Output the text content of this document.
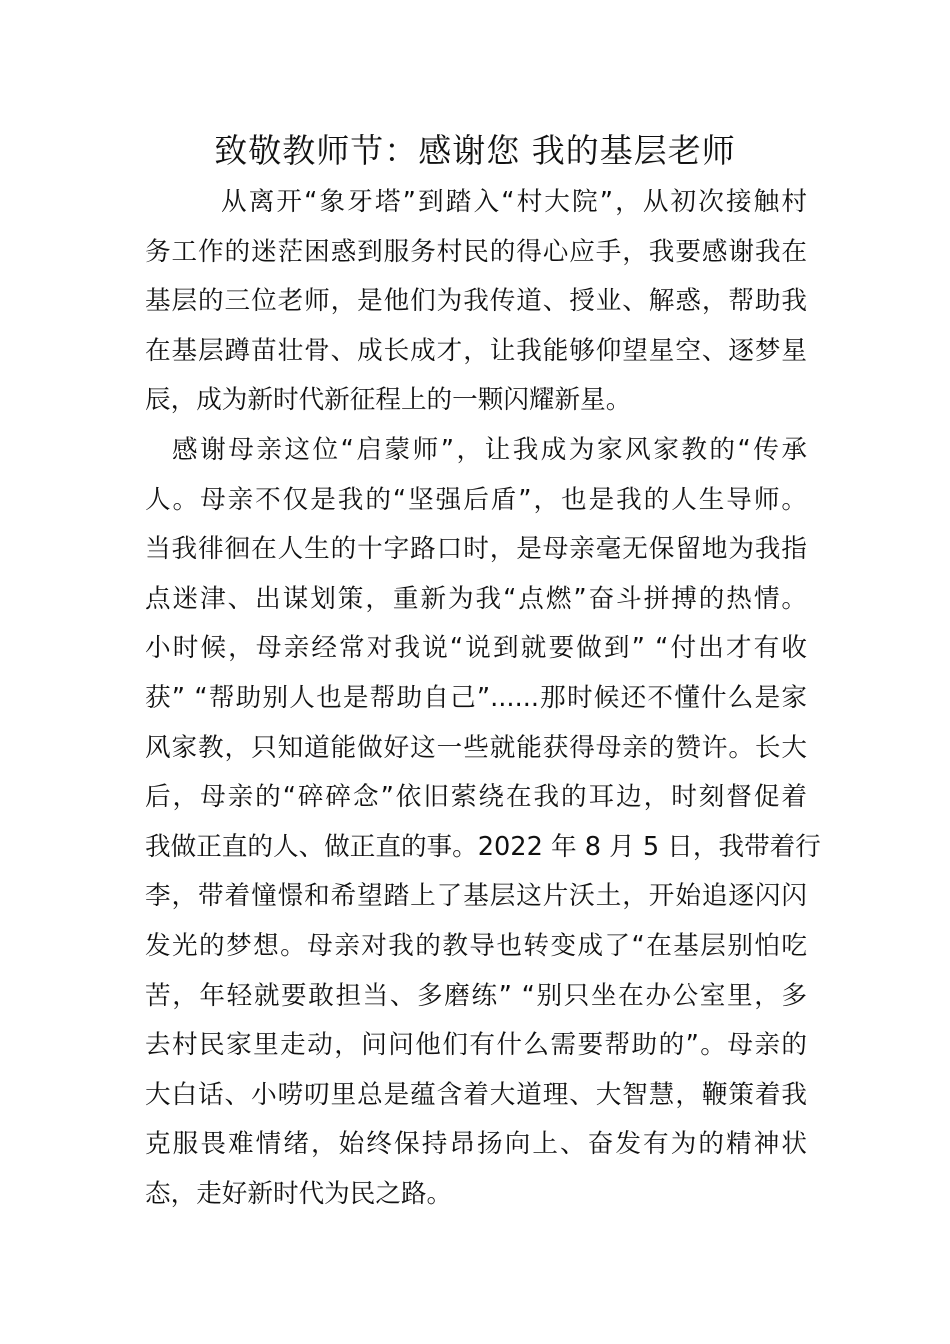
致敬教师节：感谢您 我的基层老师
从离开“象牙塔”到踏入“村大院”，从初次接触村
务工作的迷茫困惑到服务村民的得心应手，我要感谢我在
基层的三位老师，是他们为我传道、授业、解惑，帮助我
在基层蹲苗壮骨、成长成才，让我能够仰望星空、逐梦星
辰，成为新时代新征程上的一颗闪耀新星。
感谢母亲这位“启蒙师”，让我成为家风家教的“传承
人。母亲不仅是我的“坚强后盾”，也是我的人生导师。
当我徘徊在人生的十字路口时，是母亲毫无保留地为我指
点迷津、出谋划策，重新为我“点燃”奋斗拼搏的热情。
小时候，母亲经常对我说“说到就要做到” “付出才有收
获” “帮助别人也是帮助自己”......那时候还不懂什么是家
风家教，只知道能做好这一些就能获得母亲的赞许。长大
后，母亲的“碎碎念”依旧萦绕在我的耳边，时刻督促着
我做正直的人、做正直的事。2022 年 8 月 5 日，我带着行
李，带着憧憬和希望踏上了基层这片沃土，开始追逐闪闪
发光的梦想。母亲对我的教导也转变成了“在基层别怕吃
苦，年轻就要敢担当、多磨练” “别只坐在办公室里，多
去村民家里走动，问问他们有什么需要帮助的”。母亲的
大白话、小唠叨里总是蕴含着大道理、大智慧，鞭策着我
克服畏难情绪，始终保持昂扬向上、奋发有为的精神状
态，走好新时代为民之路。
